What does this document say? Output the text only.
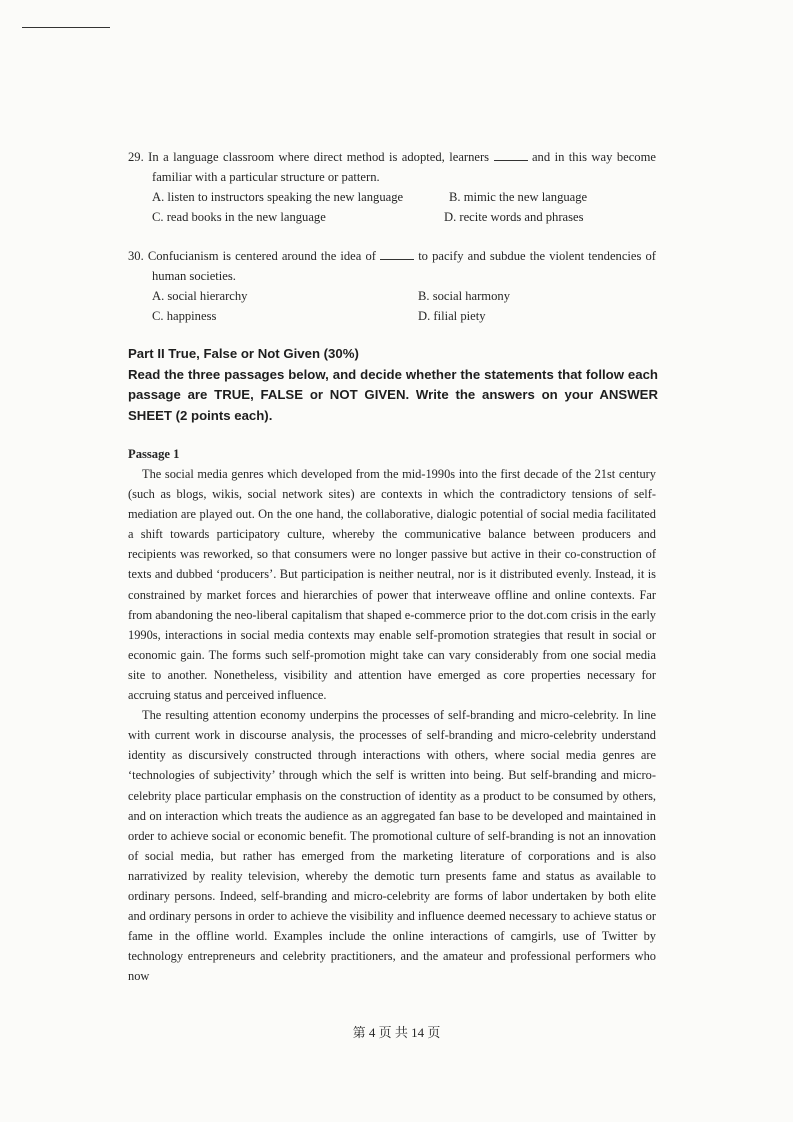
29. In a language classroom where direct method is adopted, learners	and in this way become familiar with a particular structure or pattern.
A. listen to instructors speaking the new language	B. mimic the new language
C. read books in the new language	D. recite words and phrases
30. Confucianism is centered around the idea of	to pacify and subdue the violent tendencies of human societies.
A. social hierarchy	B. social harmony
C. happiness	D. filial piety
Part II True, False or Not Given (30%)
Read the three passages below, and decide whether the statements that follow each passage are TRUE, FALSE or NOT GIVEN. Write the answers on your ANSWER SHEET (2 points each).
Passage 1

The social media genres which developed from the mid-1990s into the first decade of the 21st century (such as blogs, wikis, social network sites) are contexts in which the contradictory tensions of self-mediation are played out. On the one hand, the collaborative, dialogic potential of social media facilitated a shift towards participatory culture, whereby the communicative balance between producers and recipients was reworked, so that consumers were no longer passive but active in their co-construction of texts and dubbed ‘producers’. But participation is neither neutral, nor is it distributed evenly. Instead, it is constrained by market forces and hierarchies of power that interweave offline and online contexts. Far from abandoning the neo-liberal capitalism that shaped e-commerce prior to the dot.com crisis in the early 1990s, interactions in social media contexts may enable self-promotion strategies that result in social or economic gain. The forms such self-promotion might take can vary considerably from one social media site to another. Nonetheless, visibility and attention have emerged as core properties necessary for accruing status and perceived influence.

The resulting attention economy underpins the processes of self-branding and micro-celebrity. In line with current work in discourse analysis, the processes of self-branding and micro-celebrity understand identity as discursively constructed through interactions with others, where social media genres are ‘technologies of subjectivity’ through which the self is written into being. But self-branding and micro-celebrity place particular emphasis on the construction of identity as a product to be consumed by others, and on interaction which treats the audience as an aggregated fan base to be developed and maintained in order to achieve social or economic benefit. The promotional culture of self-branding is not an innovation of social media, but rather has emerged from the marketing literature of corporations and is also narrativized by reality television, whereby the demotic turn presents fame and status as available to ordinary persons. Indeed, self-branding and micro-celebrity are forms of labor undertaken by both elite and ordinary persons in order to achieve the visibility and influence deemed necessary to achieve status or fame in the offline world. Examples include the online interactions of camgirls, use of Twitter by technology entrepreneurs and celebrity practitioners, and the amateur and professional performers who now

第 4 页 共 14 页
